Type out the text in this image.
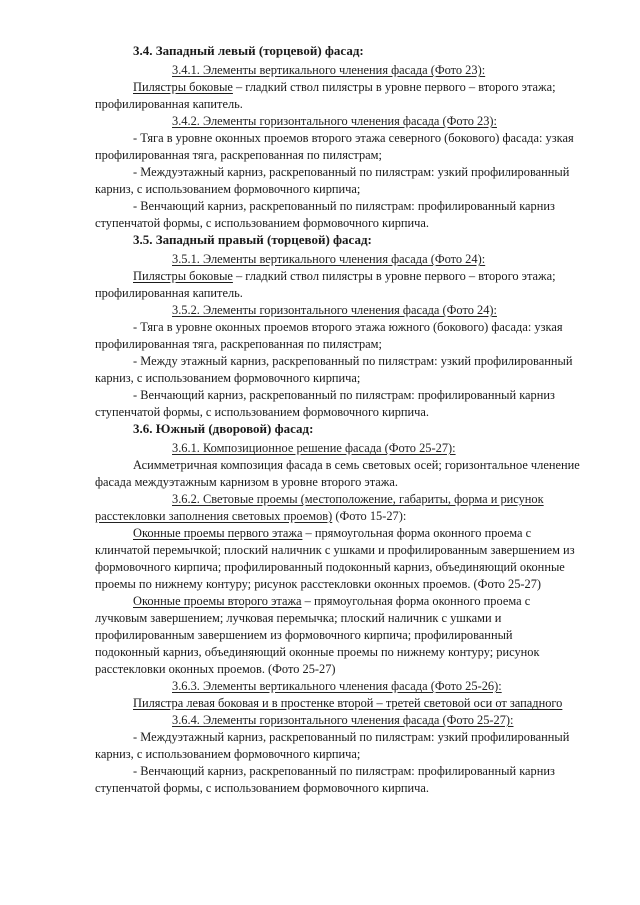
3.4. Западный левый (торцевой) фасад:
3.4.1. Элементы вертикального членения фасада (Фото 23):
Пилястры боковые – гладкий ствол пилястры в уровне первого – второго этажа;
профилированная капитель.
3.4.2. Элементы горизонтального членения фасада (Фото 23):
- Тяга в уровне оконных проемов второго этажа северного (бокового) фасада: узкая
профилированная тяга, раскрепованная по пилястрам;
- Междуэтажный карниз, раскрепованный по пилястрам: узкий профилированный
карниз, с использованием формовочного кирпича;
- Венчающий карниз, раскрепованный по пилястрам: профилированный карниз
ступенчатой формы, с использованием формовочного кирпича.
3.5. Западный правый (торцевой) фасад:
3.5.1. Элементы вертикального членения фасада (Фото 24):
Пилястры боковые – гладкий ствол пилястры в уровне первого – второго этажа;
профилированная капитель.
3.5.2. Элементы горизонтального членения фасада (Фото 24):
- Тяга в уровне оконных проемов второго этажа южного (бокового) фасада: узкая
профилированная тяга, раскрепованная по пилястрам;
- Между этажный карниз, раскрепованный по пилястрам: узкий профилированный
карниз, с использованием формовочного кирпича;
- Венчающий карниз, раскрепованный по пилястрам: профилированный карниз
ступенчатой формы, с использованием формовочного кирпича.
3.6. Южный (дворовой) фасад:
3.6.1. Композиционное решение фасада (Фото 25-27):
Асимметричная композиция фасада в семь световых осей; горизонтальное членение
фасада междуэтажным карнизом в уровне второго этажа.
3.6.2. Световые проемы (местоположение, габариты, форма и рисунок
расстекловки заполнения световых проемов) (Фото 15-27):
Оконные проемы первого этажа – прямоугольная форма оконного проема с
клинчатой перемычкой; плоский наличник с ушками и профилированным завершением из
формовочного кирпича; профилированный подоконный карниз, объединяющий оконные
проемы по нижнему контуру; рисунок расстекловки оконных проемов. (Фото 25-27)
Оконные проемы второго этажа – прямоугольная форма оконного проема с
лучковым завершением; лучковая перемычка; плоский наличник с ушками и
профилированным завершением из формовочного кирпича; профилированный
подоконный карниз, объединяющий оконные проемы по нижнему контуру; рисунок
расстекловки оконных проемов. (Фото 25-27)
3.6.3. Элементы вертикального членения фасада (Фото 25-26):
Пилястра левая боковая и в простенке второй – третей световой оси от западного
3.6.4. Элементы горизонтального членения фасада (Фото 25-27):
- Междуэтажный карниз, раскрепованный по пилястрам: узкий профилированный
карниз, с использованием формовочного кирпича;
- Венчающий карниз, раскрепованный по пилястрам: профилированный карниз
ступенчатой формы, с использованием формовочного кирпича.
